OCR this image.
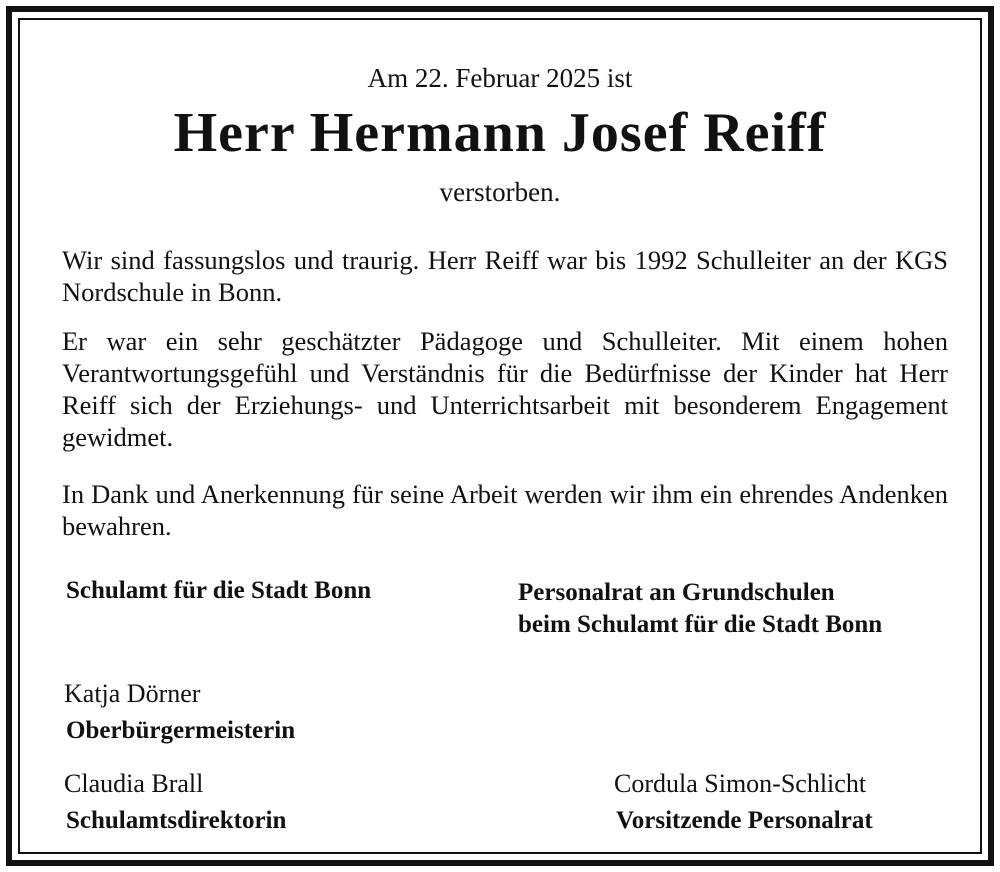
Am 22. Februar 2025 ist
Herr Hermann Josef Reiff
verstorben.

Wir sind fassungslos und traurig. Herr Reiff war bis 1992 Schulleiter an der KGS Nordschule in Bonn.

Er war ein sehr geschätzter Pädagoge und Schulleiter. Mit einem hohen Verantwortungsgefühl und Verständnis für die Bedürfnisse der Kinder hat Herr Reiff sich der Erziehungs- und Unterrichtsarbeit mit besonderem Engagement gewidmet.

In Dank und Anerkennung für seine Arbeit werden wir ihm ein ehrendes Andenken bewahren.

Schulamt für die Stadt Bonn	Personalrat an Grundschulen
beim Schulamt für die Stadt Bonn
Katja Dörner
Oberbürgermeisterin
Claudia Brall
Schulamtsdirektorin
Cordula Simon-Schlicht
Vorsitzende Personalrat
